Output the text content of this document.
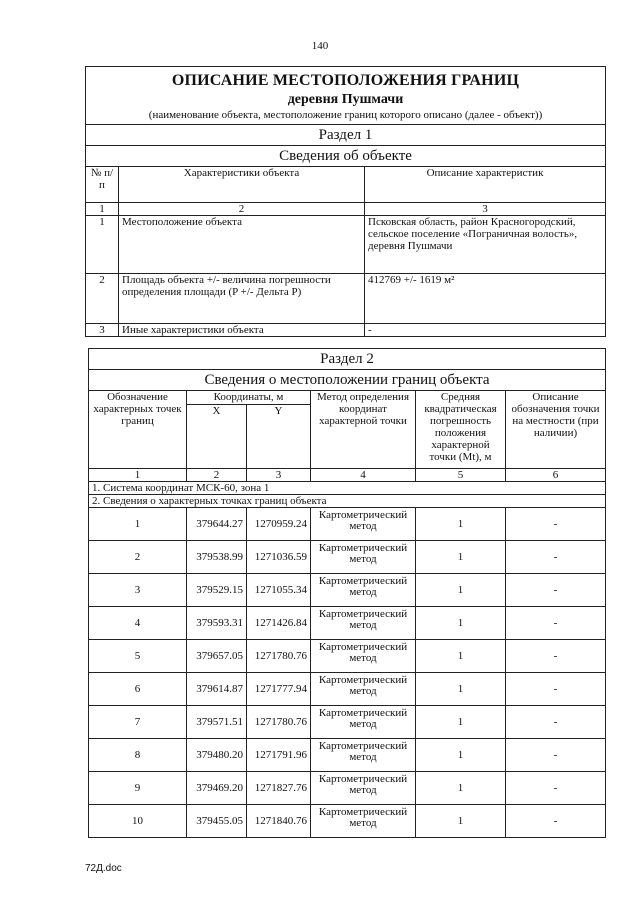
140
ОПИСАНИЕ МЕСТОПОЛОЖЕНИЯ ГРАНИЦ
деревня Пушмачи
(наименование объекта, местоположение границ которого описано (далее - объект))		

Раздел 1		
Сведения об объекте		
№ п/п	Характеристики объекта	Описание характеристик
1	2	3
1	Местоположение объекта	Псковская область, район Красногородский, сельское поселение «Пограничная волость», деревня Пушмачи
2	Площадь объекта +/- величина погрешности определения площади (P +/- Дельта P)	412769 +/- 1619 м²
3	Иные характеристики объекта	-
Раздел 2					
Сведения о местоположении границ объекта					
Обозначение характерных точек границ	Координаты, м		Метод определения координат характерной точки	Средняя квадратическая погрешность положения характерной точки (Mt), м	Описание обозначения точки на местности (при наличии)
	X	Y			
1	2	3	4	5	6
1. Система координат МСК-60, зона 1					
2. Сведения о характерных точках границ объекта					
1	379644.27	1270959.24	Картометрический метод	1	-
2	379538.99	1271036.59	Картометрический метод	1	-
3	379529.15	1271055.34	Картометрический метод	1	-
4	379593.31	1271426.84	Картометрический метод	1	-
5	379657.05	1271780.76	Картометрический метод	1	-
6	379614.87	1271777.94	Картометрический метод	1	-
7	379571.51	1271780.76	Картометрический метод	1	-
8	379480.20	1271791.96	Картометрический метод	1	-
9	379469.20	1271827.76	Картометрический метод	1	-
10	379455.05	1271840.76	Картометрический метод	1	-
72Д.doc
